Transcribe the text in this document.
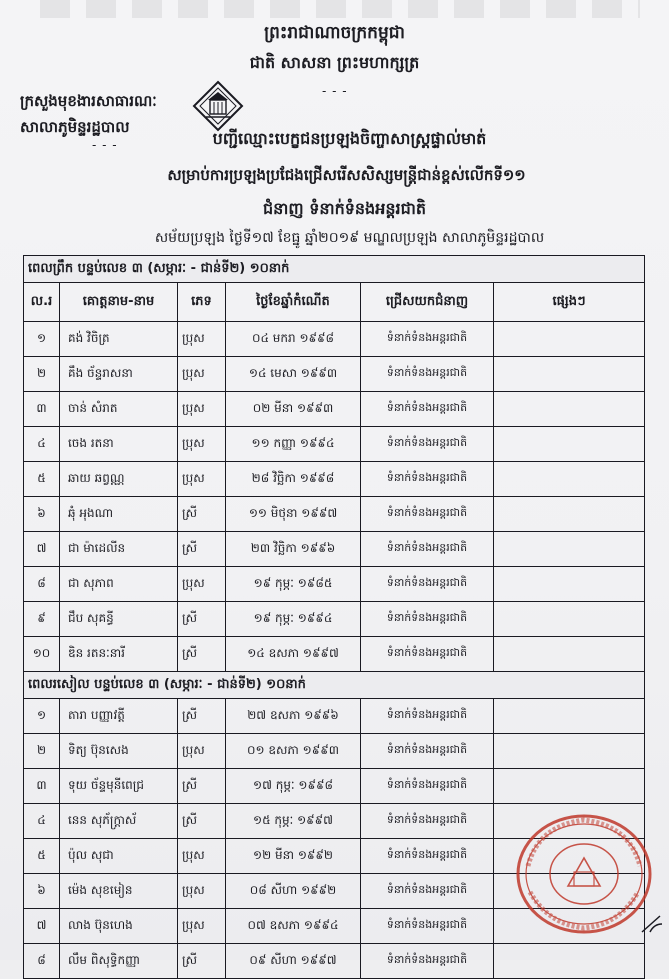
ព្រះរាជាណាចក្រកម្ពុជា
ជាតិ សាសនា ព្រះមហាក្សត្រ
- - -
ក្រសួងមុខងារសាធារណៈ
សាលាភូមិន្ទរដ្ឋបាល
- - -	បញ្ជីឈ្មោះបេក្ខជនប្រឡងចិញ្ចាសាស្រ្តផ្ទាល់មាត់
សម្រាប់ការប្រឡងប្រជែងជ្រើសរើសសិស្សមន្ត្រីជាន់ខ្ពស់លើកទី១១
ជំនាញ ទំនាក់ទំនងអន្តរជាតិ
សម័យប្រឡង ថ្ងៃទី១៧ ខែធ្នូ ឆ្នាំ២០១៩ មណ្ឌលប្រឡង សាលាភូមិន្ទរដ្ឋបាល
ពេលព្រឹក បន្ទប់លេខ ៣ (សម្ភារៈ - ជាន់ទី២) ១០នាក់					
ល.រ	គោត្តនាម-នាម	ភេទ	ថ្ងៃខែឆ្នាំកំណើត	ជ្រើសយកជំនាញ	ផ្សេងៗ
១	គង់ វិចិត្រ	ប្រុស	០៤ មករា ១៩៩៨	ទំនាក់ទំនងអន្តរជាតិ	
២	គឹង ច័ន្ទរាសនា	ប្រុស	១៤ មេសា ១៩៩៣	ទំនាក់ទំនងអន្តរជាតិ	
៣	ចាន់ សំរាត	ប្រុស	០២ មីនា ១៩៩៣	ទំនាក់ទំនងអន្តរជាតិ	
៤	ចេង រតនា	ប្រុស	១១ កញ្ញា ១៩៩៤	ទំនាក់ទំនងអន្តរជាតិ	
៥	ឆាយ ឆព្វណ្ណ	ប្រុស	២៨ វិច្ឆិកា ១៩៩៨	ទំនាក់ទំនងអន្តរជាតិ	
៦	ឆុំ អុងណា	ស្រី	១១ មិថុនា ១៩៩៧	ទំនាក់ទំនងអន្តរជាតិ	
៧	ជា ម៉ាដេលីន	ស្រី	២៣ វិច្ឆិកា ១៩៩៦	ទំនាក់ទំនងអន្តរជាតិ	
៨	ជា សុភាព	ប្រុស	១៩ កុម្ភៈ ១៩៨៥	ទំនាក់ទំនងអន្តរជាតិ	
៩	ជឹប សុគន្ធី	ស្រី	១៩ កុម្ភៈ ១៩៩៤	ទំនាក់ទំនងអន្តរជាតិ	
១០	ឌិន រតនៈនារី	ស្រី	១៤ ឧសភា ១៩៩៧	ទំនាក់ទំនងអន្តរជាតិ	
ពេលរសៀល បន្ទប់លេខ ៣ (សម្ភារៈ - ជាន់ទី២) ១០នាក់					
១	តារា បញ្ញាវត្តី	ស្រី	២៧ ឧសភា ១៩៩៦	ទំនាក់ទំនងអន្តរជាតិ	
២	ទិត្យ ប៊ុនសេង	ប្រុស	០១ ឧសភា ១៩៩៣	ទំនាក់ទំនងអន្តរជាតិ	
៣	ទុយ ច័ន្ទមុនីពេជ្រ	ស្រី	១៧ កុម្ភៈ ១៩៩៨	ទំនាក់ទំនងអន្តរជាតិ	
៤	នេន សុភ័ក្រ្តាស័	ស្រី	១៥ កុម្ភៈ ១៩៩៧	ទំនាក់ទំនងអន្តរជាតិ	
៥	ប៉ុល សុជា	ប្រុស	១២ មីនា ១៩៩២	ទំនាក់ទំនងអន្តរជាតិ	
៦	ម៉េង សុខមៀន	ប្រុស	០៨ សីហា ១៩៩២	ទំនាក់ទំនងអន្តរជាតិ	
៧	លាង ប៊ុនហេង	ប្រុស	០៧ ឧសភា ១៩៩៤	ទំនាក់ទំនងអន្តរជាតិ	
៨	លឹម ពិសុទ្ធិកញ្ញា	ស្រី	០៩ សីហា ១៩៩៧	ទំនាក់ទំនងអន្តរជាតិ	
